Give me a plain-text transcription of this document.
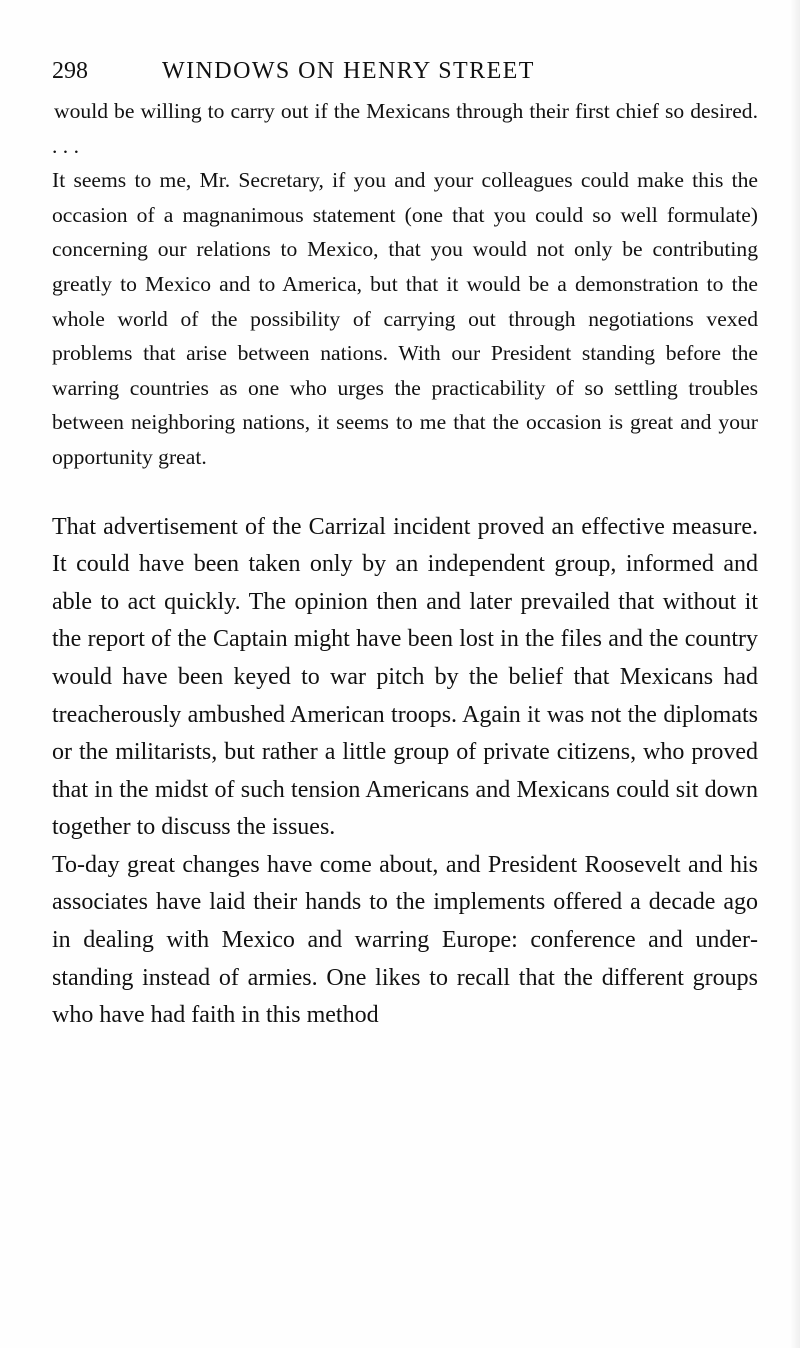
298	WINDOWS ON HENRY STREET

would be willing to carry out if the Mexicans through their first chief so desired. . . .

It seems to me, Mr. Secretary, if you and your colleagues could make this the occasion of a magnanimous statement (one that you could so well formulate) concerning our relations to Mexico, that you would not only be contributing greatly to Mexico and to America, but that it would be a demonstration to the whole world of the possibility of carrying out through negotiations vexed problems that arise between nations. With our President standing before the warring countries as one who urges the practicability of so settling troubles between neighboring nations, it seems to me that the occasion is great and your opportunity great.

That advertisement of the Carrizal incident proved an effective measure. It could have been taken only by an independent group, informed and able to act quickly. The opinion then and later prevailed that without it the report of the Captain might have been lost in the files and the country would have been keyed to war pitch by the belief that Mexicans had treacherously ambushed American troops. Again it was not the diplomats or the militarists, but rather a little group of private citizens, who proved that in the midst of such tension Americans and Mexicans could sit down together to discuss the issues.

To-day great changes have come about, and President Roosevelt and his associates have laid their hands to the implements offered a decade ago in dealing with Mexico and warring Europe: conference and understanding instead of armies. One likes to recall that the different groups who have had faith in this method
